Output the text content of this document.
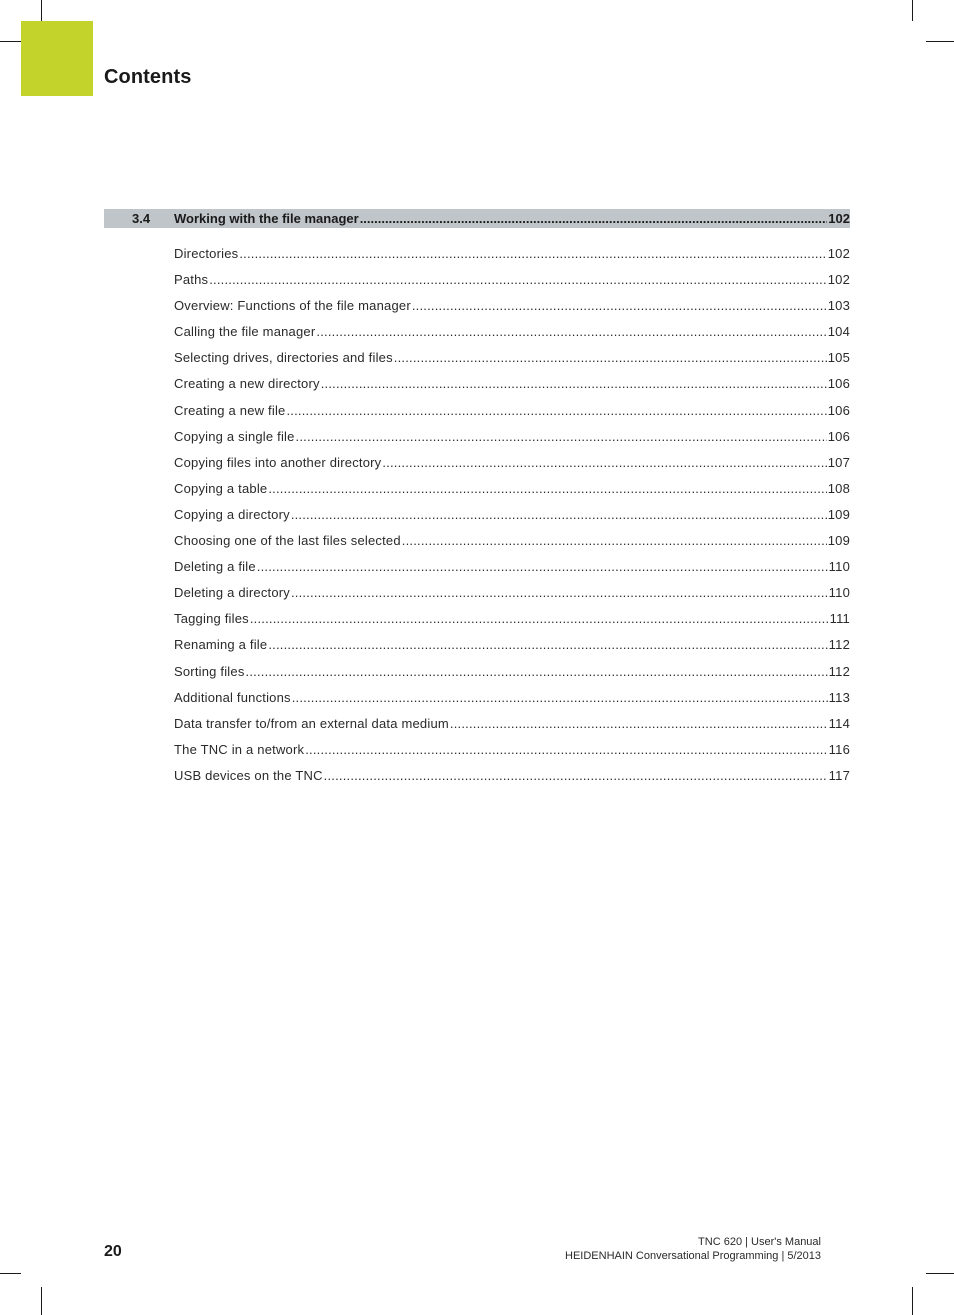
Contents
3.4 Working with the file manager .....	102
Directories .....	102
Paths .....	102
Overview: Functions of the file manager .....	103
Calling the file manager .....	104
Selecting drives, directories and files .....	105
Creating a new directory .....	106
Creating a new file .....	106
Copying a single file .....	106
Copying files into another directory .....	107
Copying a table .....	108
Copying a directory .....	109
Choosing one of the last files selected .....	109
Deleting a file .....	110
Deleting a directory .....	110
Tagging files .....	111
Renaming a file .....	112
Sorting files .....	112
Additional functions .....	113
Data transfer to/from an external data medium .....	114
The TNC in a network .....	116
USB devices on the TNC .....	117
20
TNC 620 | User's Manual
HEIDENHAIN Conversational Programming | 5/2013
